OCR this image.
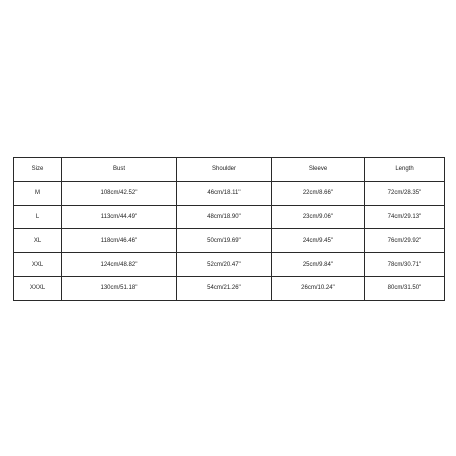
Size	Bust	Shoulder	Sleeve	Length
M	108cm/42.52''	46cm/18.11''	22cm/8.66''	72cm/28.35''
L	113cm/44.49''	48cm/18.90''	23cm/9.06''	74cm/29.13''
XL	118cm/46.46''	50cm/19.69''	24cm/9.45''	76cm/29.92''
XXL	124cm/48.82''	52cm/20.47''	25cm/9.84''	78cm/30.71''
XXXL	130cm/51.18''	54cm/21.26''	26cm/10.24''	80cm/31.50''
